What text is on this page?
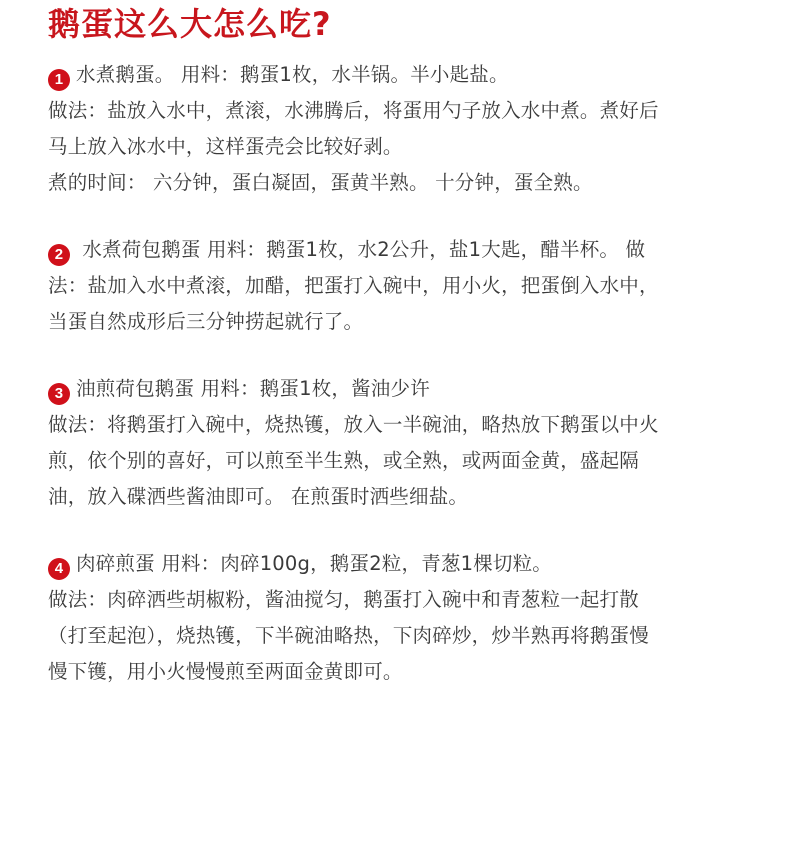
鹅蛋这么大怎么吃?
1 水煮鹅蛋。 用料：鹅蛋1枚，水半锅。半小匙盐。
做法：盐放入水中，煮滚，水沸腾后，将蛋用勺子放入水中煮。煮好后
马上放入冰水中，这样蛋壳会比较好剥。
煮的时间： 六分钟，蛋白凝固，蛋黄半熟。 十分钟，蛋全熟。
2 水煮荷包鹅蛋 用料：鹅蛋1枚，水2公升，盐1大匙，醋半杯。 做
法：盐加入水中煮滚，加醋，把蛋打入碗中，用小火，把蛋倒入水中，
当蛋自然成形后三分钟捞起就行了。
3 油煎荷包鹅蛋 用料：鹅蛋1枚，酱油少许
做法：将鹅蛋打入碗中，烧热镬，放入一半碗油，略热放下鹅蛋以中火
煎，依个别的喜好，可以煎至半生熟，或全熟，或两面金黄，盛起隔
油，放入碟洒些酱油即可。 在煎蛋时洒些细盐。
4 肉碎煎蛋 用料：肉碎100g，鹅蛋2粒，青葱1棵切粒。
做法：肉碎洒些胡椒粉，酱油搅匀，鹅蛋打入碗中和青葱粒一起打散
（打至起泡），烧热镬，下半碗油略热，下肉碎炒，炒半熟再将鹅蛋慢
慢下镬，用小火慢慢煎至两面金黄即可。
